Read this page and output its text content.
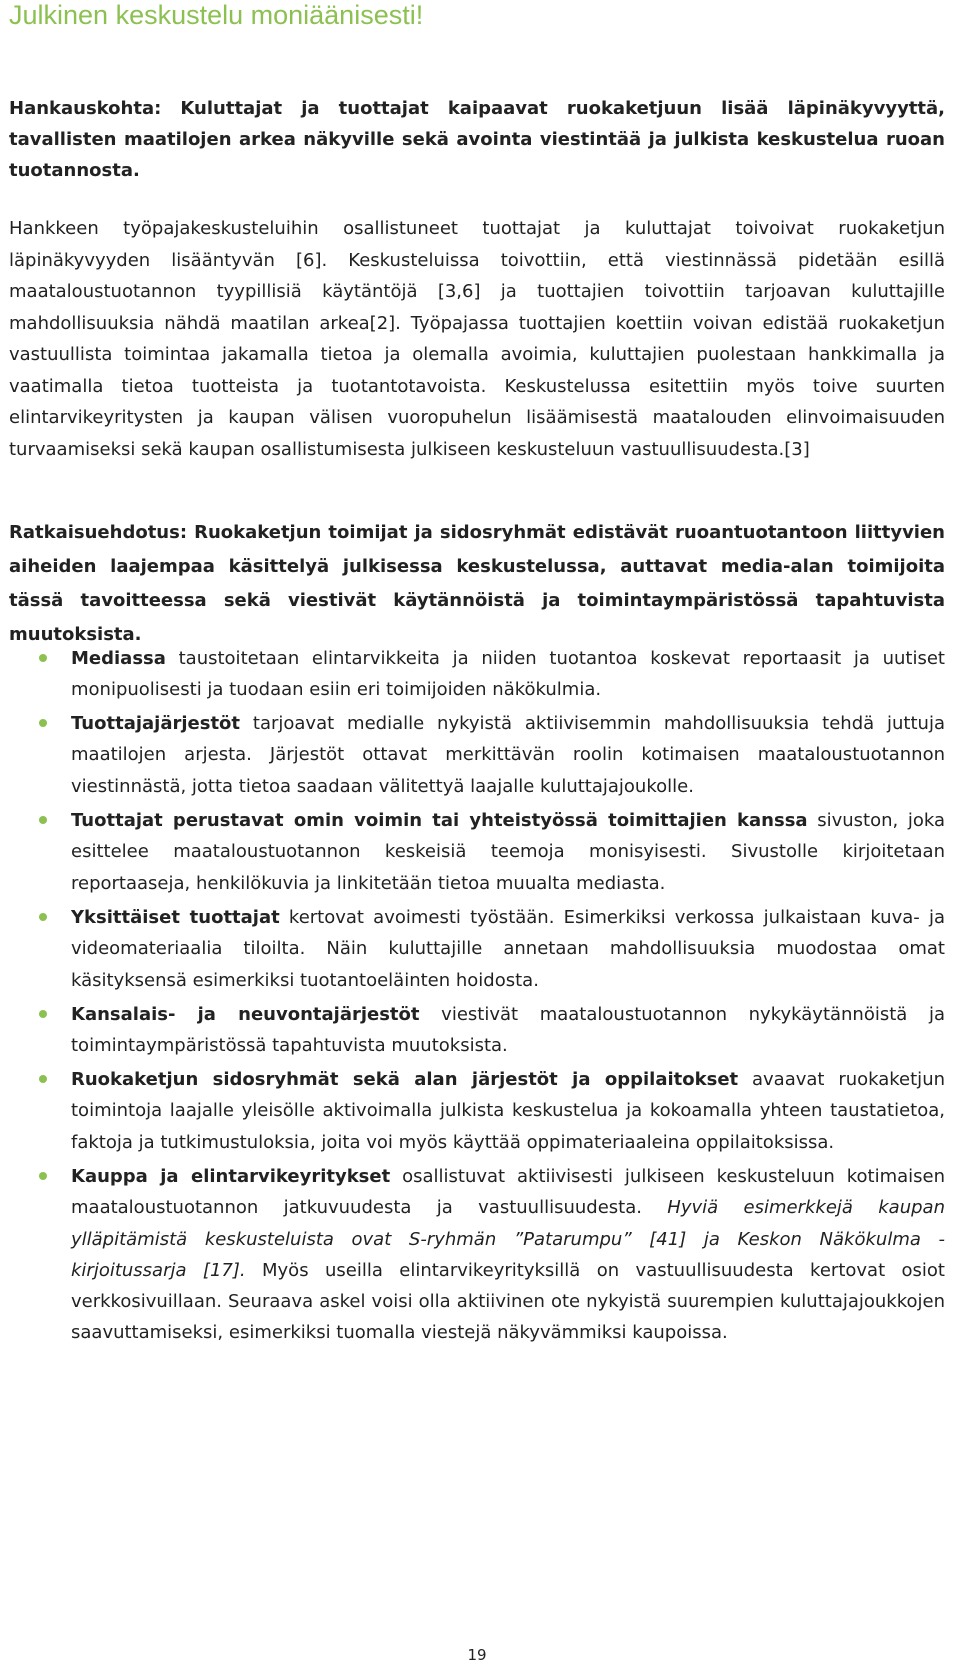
Julkinen keskustelu moniäänisesti!

Hankauskohta: Kuluttajat ja tuottajat kaipaavat ruokaketjuun lisää läpinäkyvyyttä, tavallisten maatilojen arkea näkyville sekä avointa viestintää ja julkista keskustelua ruoan tuotannosta.

Hankkeen työpajakeskusteluihin osallistuneet tuottajat ja kuluttajat toivoivat ruokaketjun läpinäkyvyyden lisääntyvän [6]. Keskusteluissa toivottiin, että viestinnässä pidetään esillä maataloustuotannon tyypillisiä käytäntöjä [3,6] ja tuottajien toivottiin tarjoavan kuluttajille mahdollisuuksia nähdä maatilan arkea[2]. Työpajassa tuottajien koettiin voivan edistää ruokaketjun vastuullista toimintaa jakamalla tietoa ja olemalla avoimia, kuluttajien puolestaan hankkimalla ja vaatimalla tietoa tuotteista ja tuotantotavoista. Keskustelussa esitettiin myös toive suurten elintarvikeyritysten ja kaupan välisen vuoropuhelun lisäämisestä maatalouden elinvoimaisuuden turvaamiseksi sekä kaupan osallistumisesta julkiseen keskusteluun vastuullisuudesta.[3]

Ratkaisuehdotus: Ruokaketjun toimijat ja sidosryhmät edistävät ruoantuotantoon liittyvien aiheiden laajempaa käsittelyä julkisessa keskustelussa, auttavat media-alan toimijoita tässä tavoitteessa sekä viestivät käytännöistä ja toimintaympäristössä tapahtuvista muutoksista.

Mediassa taustoitetaan elintarvikkeita ja niiden tuotantoa koskevat reportaasit ja uutiset monipuolisesti ja tuodaan esiin eri toimijoiden näkökulmia.
Tuottajajärjestöt tarjoavat medialle nykyistä aktiivisemmin mahdollisuuksia tehdä juttuja maatilojen arjesta. Järjestöt ottavat merkittävän roolin kotimaisen maataloustuotannon viestinnästä, jotta tietoa saadaan välitettyä laajalle kuluttajajoukolle.
Tuottajat perustavat omin voimin tai yhteistyössä toimittajien kanssa sivuston, joka esittelee maataloustuotannon keskeisiä teemoja monisyisesti. Sivustolle kirjoitetaan reportaaseja, henkilökuvia ja linkitetään tietoa muualta mediasta.
Yksittäiset tuottajat kertovat avoimesti työstään. Esimerkiksi verkossa julkaistaan kuva- ja videomateriaalia tiloilta. Näin kuluttajille annetaan mahdollisuuksia muodostaa omat käsityksensä esimerkiksi tuotantoeläinten hoidosta.
Kansalais- ja neuvontajärjestöt viestivät maataloustuotannon nykykäytännöistä ja toimintaympäristössä tapahtuvista muutoksista.
Ruokaketjun sidosryhmät sekä alan järjestöt ja oppilaitokset avaavat ruokaketjun toimintoja laajalle yleisölle aktivoimalla julkista keskustelua ja kokoamalla yhteen taustatietoa, faktoja ja tutkimustuloksia, joita voi myös käyttää oppimateriaaleina oppilaitoksissa.
Kauppa ja elintarvikeyritykset osallistuvat aktiivisesti julkiseen keskusteluun kotimaisen maataloustuotannon jatkuvuudesta ja vastuullisuudesta. Hyviä esimerkkejä kaupan ylläpitämistä keskusteluista ovat S-ryhmän ”Patarumpu” [41] ja Keskon Näkökulma -kirjoitussarja [17]. Myös useilla elintarvikeyrityksillä on vastuullisuudesta kertovat osiot verkkosivuillaan. Seuraava askel voisi olla aktiivinen ote nykyistä suurempien kuluttajajoukkojen saavuttamiseksi, esimerkiksi tuomalla viestejä näkyvämmiksi kaupoissa.
19
